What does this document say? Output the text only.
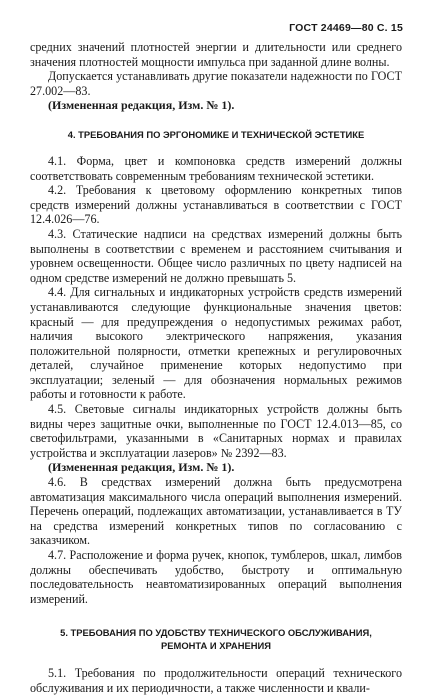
ГОСТ 24469—80 С. 15

средних значений плотностей энергии и длительности или среднего значения плотностей мощности импульса при заданной длине волны.

Допускается устанавливать другие показатели надежности по ГОСТ 27.002—83.

(Измененная редакция, Изм. № 1).

4. ТРЕБОВАНИЯ ПО ЭРГОНОМИКЕ И ТЕХНИЧЕСКОЙ ЭСТЕТИКЕ

4.1. Форма, цвет и компоновка средств измерений должны соответствовать современным требованиям технической эстетики.

4.2. Требования к цветовому оформлению конкретных типов средств измерений должны устанавливаться в соответствии с ГОСТ 12.4.026—76.

4.3. Статические надписи на средствах измерений должны быть выполнены в соответствии с временем и расстоянием считывания и уровнем освещенности. Общее число различных по цвету надписей на одном средстве измерений не должно превышать 5.

4.4. Для сигнальных и индикаторных устройств средств измерений устанавливаются следующие функциональные значения цветов: красный — для предупреждения о недопустимых режимах работ, наличия высокого электрического напряжения, указания положительной полярности, отметки крепежных и регулировочных деталей, случайное применение которых недопустимо при эксплуатации; зеленый — для обозначения нормальных режимов работы и готовности к работе.

4.5. Световые сигналы индикаторных устройств должны быть видны через защитные очки, выполненные по ГОСТ 12.4.013—85, со светофильтрами, указанными в «Санитарных нормах и правилах устройства и эксплуатации лазеров» № 2392—83.

(Измененная редакция, Изм. № 1).

4.6. В средствах измерений должна быть предусмотрена автоматизация максимального числа операций выполнения измерений. Перечень операций, подлежащих автоматизации, устанавливается в ТУ на средства измерений конкретных типов по согласованию с заказчиком.

4.7. Расположение и форма ручек, кнопок, тумблеров, шкал, лимбов должны обеспечивать удобство, быстроту и оптимальную последовательность неавтоматизированных операций выполнения измерений.

5. ТРЕБОВАНИЯ ПО УДОБСТВУ ТЕХНИЧЕСКОГО ОБСЛУЖИВАНИЯ,
РЕМОНТА И ХРАНЕНИЯ

5.1. Требования по продолжительности операций технического обслуживания и их периодичности, а также численности и квали-
